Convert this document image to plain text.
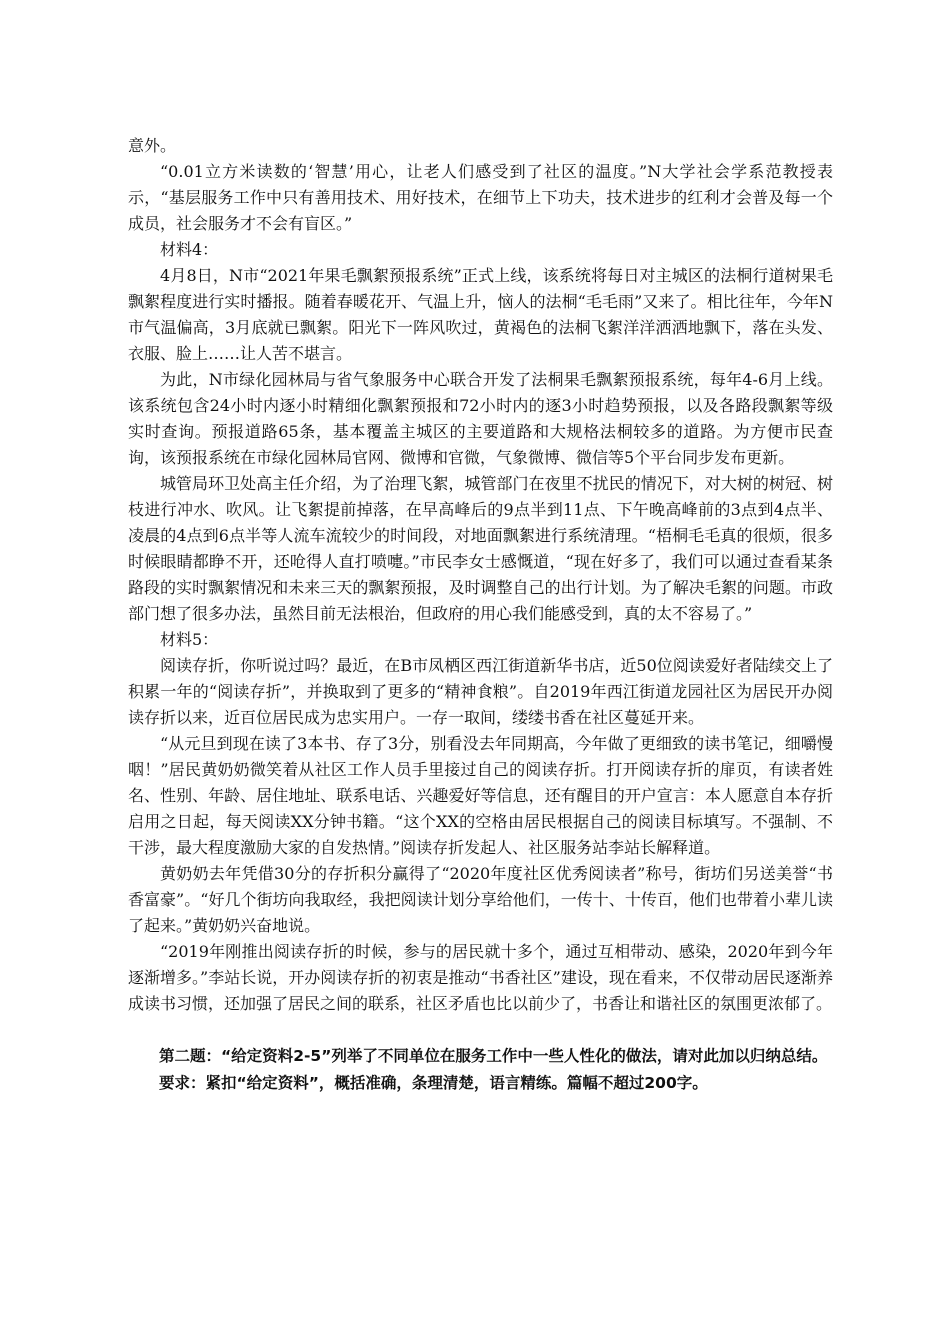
意外。

“0.01立方米读数的‘智慧’用心，让老人们感受到了社区的温度。”N大学社会学系范教授表示，“基层服务工作中只有善用技术、用好技术，在细节上下功夫，技术进步的红利才会普及每一个成员，社会服务才不会有盲区。”

材料4：

4月8日，N市“2021年果毛飘絮预报系统”正式上线，该系统将每日对主城区的法桐行道树果毛飘絮程度进行实时播报。随着春暖花开、气温上升，恼人的法桐“毛毛雨”又来了。相比往年，今年N市气温偏高，3月底就已飘絮。阳光下一阵风吹过，黄褐色的法桐飞絮洋洋洒洒地飘下，落在头发、衣服、脸上……让人苦不堪言。

为此，N市绿化园林局与省气象服务中心联合开发了法桐果毛飘絮预报系统，每年4-6月上线。该系统包含24小时内逐小时精细化飘絮预报和72小时内的逐3小时趋势预报，以及各路段飘絮等级实时查询。预报道路65条，基本覆盖主城区的主要道路和大规格法桐较多的道路。为方便市民查询，该预报系统在市绿化园林局官网、微博和官微，气象微博、微信等5个平台同步发布更新。

城管局环卫处高主任介绍，为了治理飞絮，城管部门在夜里不扰民的情况下，对大树的树冠、树枝进行冲水、吹风。让飞絮提前掉落，在早高峰后的9点半到11点、下午晚高峰前的3点到4点半、凌晨的4点到6点半等人流车流较少的时间段，对地面飘絮进行系统清理。“梧桐毛毛真的很烦，很多时候眼睛都睁不开，还呛得人直打喷嚏。”市民李女士感慨道，“现在好多了，我们可以通过查看某条路段的实时飘絮情况和未来三天的飘絮预报，及时调整自己的出行计划。为了解决毛絮的问题。市政部门想了很多办法，虽然目前无法根治，但政府的用心我们能感受到，真的太不容易了。”

材料5：

阅读存折，你听说过吗？最近，在B市凤栖区西江街道新华书店，近50位阅读爱好者陆续交上了积累一年的“阅读存折”，并换取到了更多的“精神食粮”。自2019年西江街道龙园社区为居民开办阅读存折以来，近百位居民成为忠实用户。一存一取间，缕缕书香在社区蔓延开来。

“从元旦到现在读了3本书、存了3分，别看没去年同期高，今年做了更细致的读书笔记，细嚼慢咽！”居民黄奶奶微笑着从社区工作人员手里接过自己的阅读存折。打开阅读存折的扉页，有读者姓名、性别、年龄、居住地址、联系电话、兴趣爱好等信息，还有醒目的开户宣言：本人愿意自本存折启用之日起，每天阅读XX分钟书籍。“这个XX的空格由居民根据自己的阅读目标填写。不强制、不干涉，最大程度激励大家的自发热情。”阅读存折发起人、社区服务站李站长解释道。

黄奶奶去年凭借30分的存折积分赢得了“2020年度社区优秀阅读者”称号，街坊们另送美誉“书香富豪”。“好几个街坊向我取经，我把阅读计划分享给他们，一传十、十传百，他们也带着小辈儿读了起来。”黄奶奶兴奋地说。

“2019年刚推出阅读存折的时候，参与的居民就十多个，通过互相带动、感染，2020年到今年逐渐增多。”李站长说，开办阅读存折的初衷是推动“书香社区”建设，现在看来，不仅带动居民逐渐养成读书习惯，还加强了居民之间的联系，社区矛盾也比以前少了，书香让和谐社区的氛围更浓郁了。

第二题：“给定资料2-5”列举了不同单位在服务工作中一些人性化的做法，请对此加以归纳总结。

要求：紧扣“给定资料”，概括准确，条理清楚，语言精练。篇幅不超过200字。
